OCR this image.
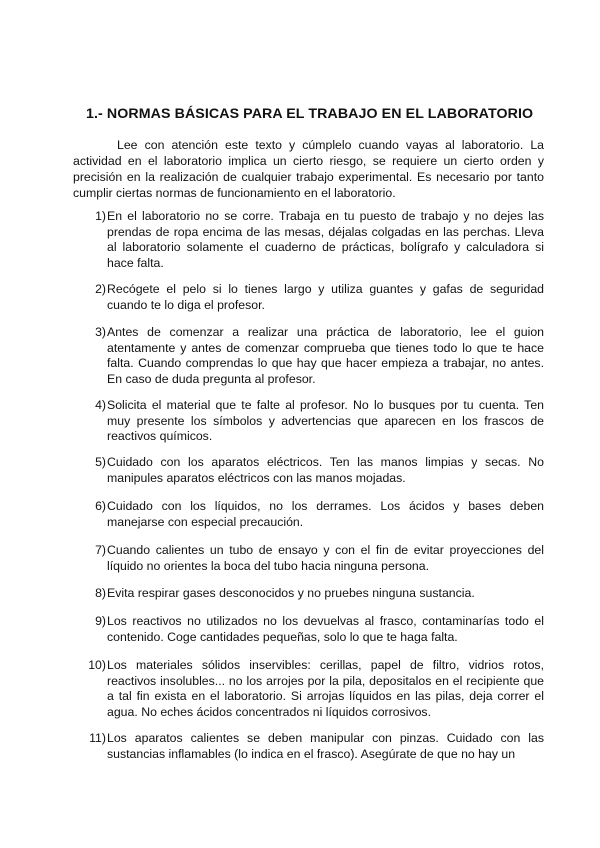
1.- NORMAS BÁSICAS PARA EL TRABAJO EN EL LABORATORIO
Lee con atención este texto y cúmplelo cuando vayas al laboratorio. La actividad en el laboratorio implica un cierto riesgo, se requiere un cierto orden y precisión en la realización de cualquier trabajo experimental. Es necesario por tanto cumplir ciertas normas de funcionamiento en el laboratorio.
1) En el laboratorio no se corre. Trabaja en tu puesto de trabajo y no dejes las prendas de ropa encima de las mesas, déjalas colgadas en las perchas. Lleva al laboratorio solamente el cuaderno de prácticas, bolígrafo y calculadora si hace falta.
2) Recógete el pelo si lo tienes largo y utiliza guantes y gafas de seguridad cuando te lo diga el profesor.
3) Antes de comenzar a realizar una práctica de laboratorio, lee el guion atentamente y antes de comenzar comprueba que tienes todo lo que te hace falta. Cuando comprendas lo que hay que hacer empieza a trabajar, no antes. En caso de duda pregunta al profesor.
4) Solicita el material que te falte al profesor. No lo busques por tu cuenta. Ten muy presente los símbolos y advertencias que aparecen en los frascos de reactivos químicos.
5) Cuidado con los aparatos eléctricos. Ten las manos limpias y secas. No manipules aparatos eléctricos con las manos mojadas.
6) Cuidado con los líquidos, no los derrames. Los ácidos y bases deben manejarse con especial precaución.
7) Cuando calientes un tubo de ensayo y con el fin de evitar proyecciones del líquido no orientes la boca del tubo hacia ninguna persona.
8) Evita respirar gases desconocidos y no pruebes ninguna sustancia.
9) Los reactivos no utilizados no los devuelvas al frasco, contaminarías todo el contenido. Coge cantidades pequeñas, solo lo que te haga falta.
10) Los materiales sólidos inservibles: cerillas, papel de filtro, vidrios rotos, reactivos insolubles... no los arrojes por la pila, depositalos en el recipiente que a tal fin exista en el laboratorio. Si arrojas líquidos en las pilas, deja correr el agua. No eches ácidos concentrados ni líquidos corrosivos.
11) Los aparatos calientes se deben manipular con pinzas. Cuidado con las sustancias inflamables (lo indica en el frasco). Asegúrate de que no hay un
